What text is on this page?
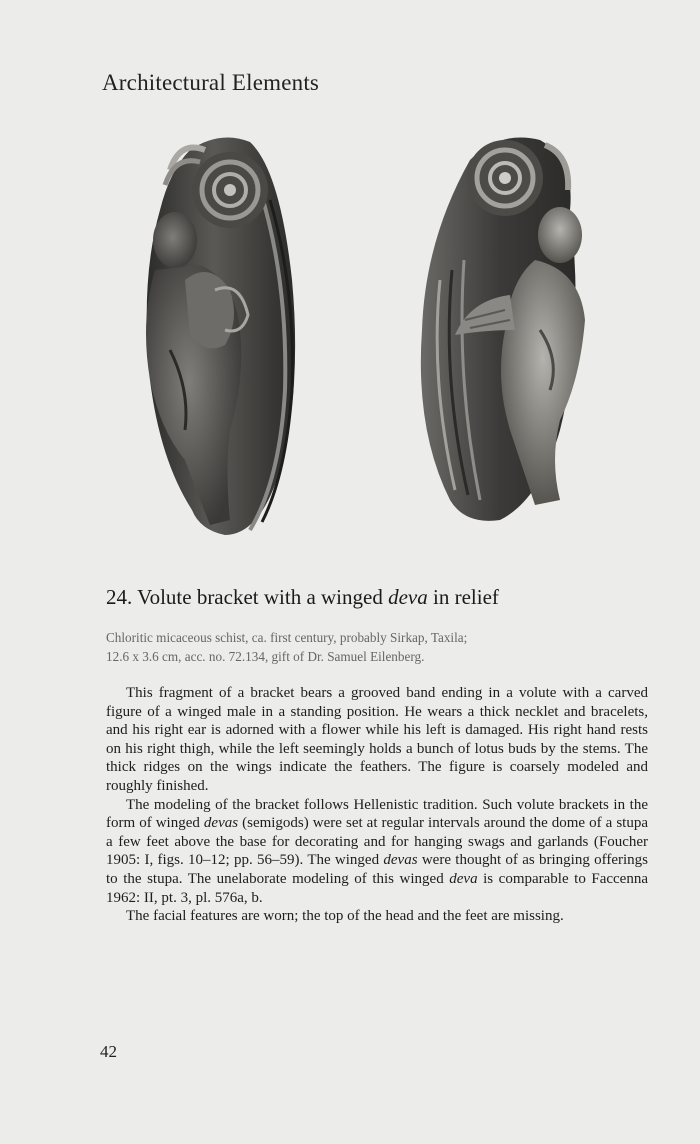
Architectural Elements
24. Volute bracket with a winged deva in relief
Chloritic micaceous schist, ca. first century, probably Sirkap, Taxila;
12.6 x 3.6 cm, acc. no. 72.134, gift of Dr. Samuel Eilenberg.

This fragment of a bracket bears a grooved band ending in a volute with a carved figure of a winged male in a standing position. He wears a thick necklet and bracelets, and his right ear is adorned with a flower while his left is damaged. His right hand rests on his right thigh, while the left seemingly holds a bunch of lotus buds by the stems. The thick ridges on the wings indicate the feathers. The figure is coarsely modeled and roughly finished.

The modeling of the bracket follows Hellenistic tradition. Such volute brackets in the form of winged devas (semigods) were set at regular intervals around the dome of a stupa a few feet above the base for decorating and for hanging swags and garlands (Foucher 1905: I, figs. 10–12; pp. 56–59). The winged devas were thought of as bringing offerings to the stupa. The unelaborate modeling of this winged deva is comparable to Faccenna 1962: II, pt. 3, pl. 576a, b.

The facial features are worn; the top of the head and the feet are missing.

42
